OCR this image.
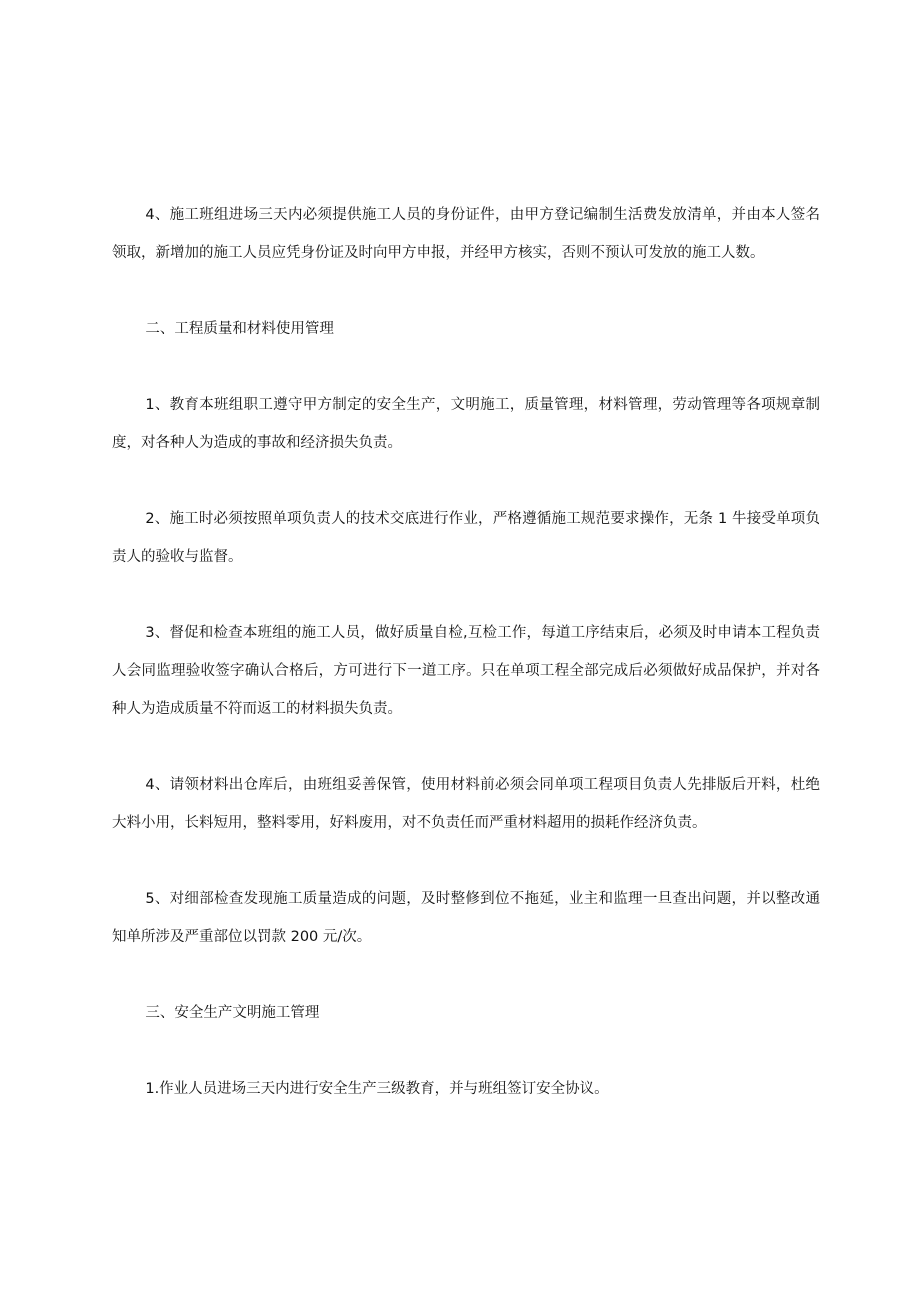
4、施工班组进场三天内必须提供施工人员的身份证件，由甲方登记编制生活费发放清单，并由本人签名领取，新增加的施工人员应凭身份证及时向甲方申报，并经甲方核实，否则不预认可发放的施工人数。

二、工程质量和材料使用管理

1、教育本班组职工遵守甲方制定的安全生产，文明施工，质量管理，材料管理，劳动管理等各项规章制度，对各种人为造成的事故和经济损失负责。

2、施工时必须按照单项负责人的技术交底进行作业，严格遵循施工规范要求操作，无条 1 牛接受单项负责人的验收与监督。

3、督促和检查本班组的施工人员，做好质量自检,互检工作，每道工序结束后，必须及时申请本工程负责人会同监理验收签字确认合格后，方可进行下一道工序。只在单项工程全部完成后必须做好成品保护，并对各种人为造成质量不符而返工的材料损失负责。

4、请领材料出仓库后，由班组妥善保管，使用材料前必须会同单项工程项目负责人先排版后开料，杜绝大料小用，长料短用，整料零用，好料废用，对不负责任而严重材料超用的损耗作经济负责。

5、对细部检查发现施工质量造成的问题，及时整修到位不拖延，业主和监理一旦查出问题，并以整改通知单所涉及严重部位以罚款 200 元/次。

三、安全生产文明施工管理

1.作业人员进场三天内进行安全生产三级教育，并与班组签订安全协议。
